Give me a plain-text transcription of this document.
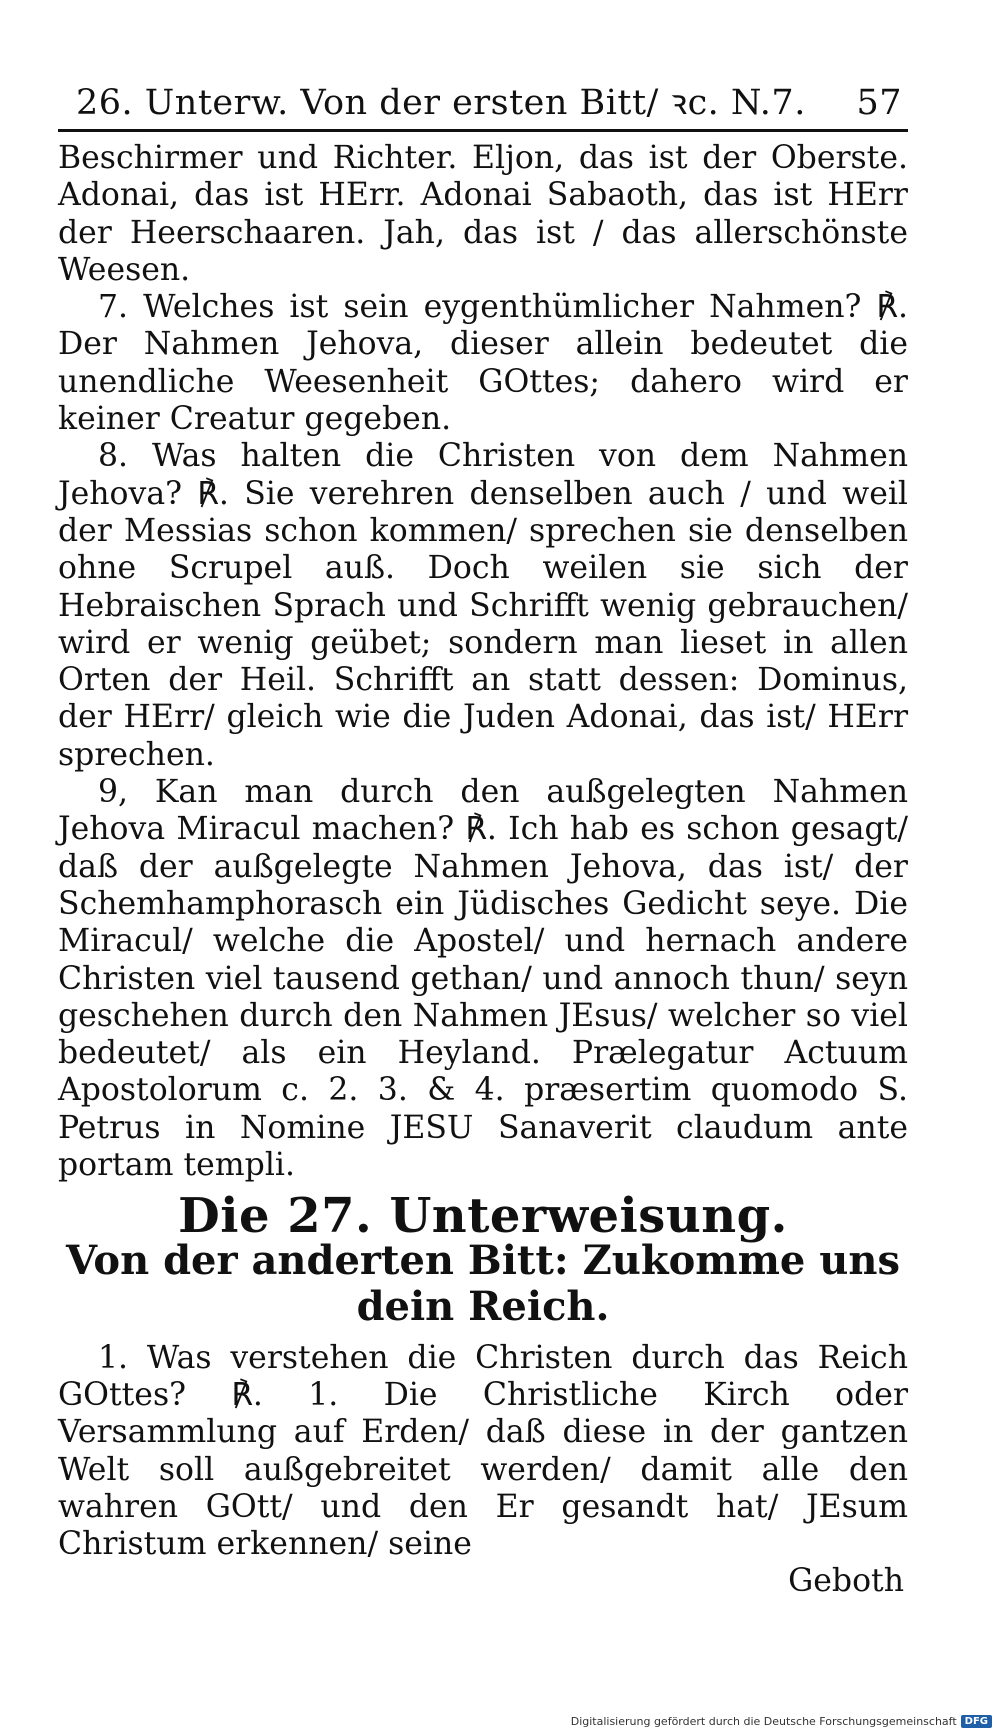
26. Unterw. Von der ersten Bitt/ ꝛc. N.7. 57

Beschirmer und Richter. Eljon, das ist der Oberste. Adonai, das ist HErr. Adonai Sabaoth, das ist HErr der Heerschaaren. Jah, das ist / das allerschönste Weesen.

7. Welches ist sein eygenthümlicher Nahmen? ℟. Der Nahmen Jehova, dieser allein bedeutet die unendliche Weesenheit GOttes; dahero wird er keiner Creatur gegeben.

8. Was halten die Christen von dem Nahmen Jehova? ℟. Sie verehren denselben auch / und weil der Messias schon kommen/ sprechen sie denselben ohne Scrupel auß. Doch weilen sie sich der Hebraischen Sprach und Schrifft wenig gebrauchen/ wird er wenig geübet; sondern man lieset in allen Orten der Heil. Schrifft an statt dessen: Dominus, der HErr/ gleich wie die Juden Adonai, das ist/ HErr sprechen.

9, Kan man durch den außgelegten Nahmen Jehova Miracul machen? ℟. Ich hab es schon gesagt/ daß der außgelegte Nahmen Jehova, das ist/ der Schemhamphorasch ein Jüdisches Gedicht seye. Die Miracul/ welche die Apostel/ und hernach andere Christen viel tausend gethan/ und annoch thun/ seyn geschehen durch den Nahmen JEsus/ welcher so viel bedeutet/ als ein Heyland. Prælegatur Actuum Apostolorum c. 2. 3. & 4. præsertim quomodo S. Petrus in Nomine JESU Sanaverit claudum ante portam templi.

Die 27. Unterweisung.
Von der anderten Bitt: Zukomme uns dein Reich.

1. Was verstehen die Christen durch das Reich GOttes? ℟. 1. Die Christliche Kirch oder Versammlung auf Erden/ daß diese in der gantzen Welt soll außgebreitet werden/ damit alle den wahren GOtt/ und den Er gesandt hat/ JEsum Christum erkennen/ seine

Geboth
Digitalisierung gefördert durch die Deutsche Forschungsgemeinschaft DFG
